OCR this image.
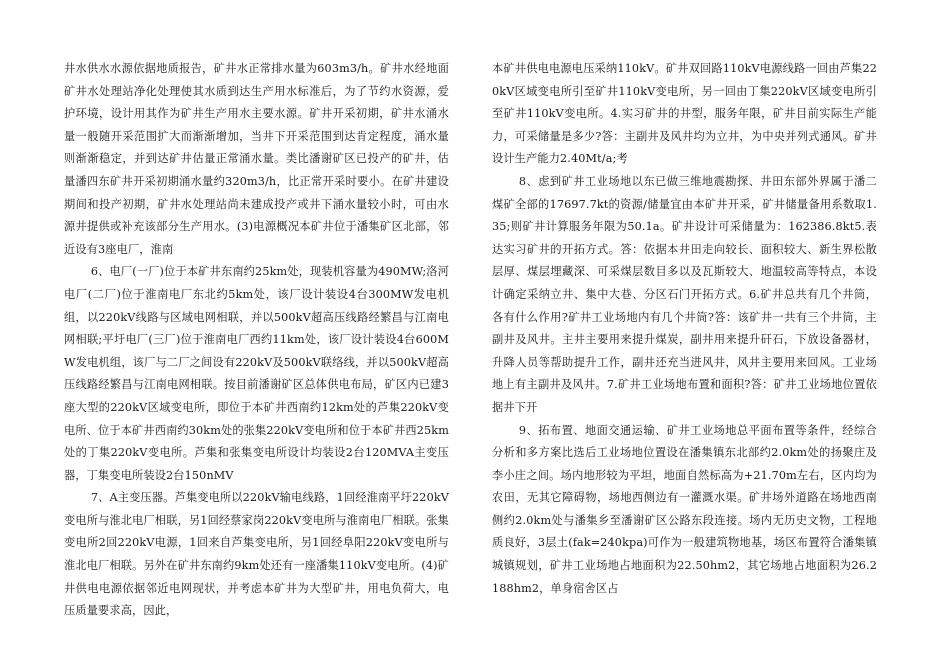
井水供水水源依据地质报告，矿井水正常排水量为603m3/h。矿井水经地面矿井水处理站净化处理使其水质到达生产用水标准后，为了节约水资源，爱护环境，设计用其作为矿井生产用水主要水源。矿井开采初期，矿井水涌水量一般随开采范围扩大而渐渐增加，当井下开采范围到达肯定程度，涌水量则渐渐稳定，并到达矿井估量正常涌水量。类比潘谢矿区已投产的矿井，估量潘四东矿井开采初期涌水量约320m3/h，比正常开采时要小。在矿井建设期间和投产初期，矿井水处理站尚未建成投产或井下涌水量较小时，可由水源井提供或补充该部分生产用水。(3)电源概况本矿井位于潘集矿区北部，邻近设有3座电厂，淮南

6、电厂(一厂)位于本矿井东南约25km处，现装机容量为490MW;洛河电厂(二厂)位于淮南电厂东北约5km处，该厂设计装设4台300MW发电机组，以220kV线路与区域电网相联，并以500kV超高压线路经繁昌与江南电网相联;平圩电厂(三厂)位于淮南电厂西约11km处，该厂设计装设4台600MW发电机组，该厂与二厂之间设有220kV及500kV联络线，并以500kV超高压线路经繁昌与江南电网相联。按目前潘谢矿区总体供电布局，矿区内已建3座大型的220kV区域变电所，即位于本矿井西南约12km处的芦集220kV变电所、位于本矿井西南约30km处的张集220kV变电所和位于本矿井西25km处的丁集220kV变电所。芦集和张集变电所设计均装设2台120MVA主变压器，丁集变电所装设2台150nMV

7、A主变压器。芦集变电所以220kV输电线路，1回经淮南平圩220kV变电所与淮北电厂相联，另1回经蔡家岗220kV变电所与淮南电厂相联。张集变电所2回220kV电源，1回来自芦集变电所，另1回经阜阳220kV变电所与淮北电厂相联。另外在矿井东南约9km处还有一座潘集110kV变电所。(4)矿井供电电源依据邻近电网现状，并考虑本矿井为大型矿井，用电负荷大，电压质量要求高，因此，

本矿井供电电源电压采纳110kV。矿井双回路110kV电源线路一回由芦集220kV区域变电所引至矿井110kV变电所，另一回由丁集220kV区域变电所引至矿井110kV变电所。4.实习矿井的井型，服务年限，矿井目前实际生产能力，可采储量是多少?答：主副井及风井均为立井，为中央并列式通风。矿井设计生产能力2.40Mt/a;考

8、虑到矿井工业场地以东已做三维地震勘探、井田东部外界属于潘二煤矿全部的17697.7kt的资源/储量宜由本矿井开采，矿井储量备用系数取1.35;则矿井计算服务年限为50.1a。矿井设计可采储量为：162386.8kt5.表达实习矿井的开拓方式。答：依据本井田走向较长、面积较大、新生界松散层厚、煤层埋藏深、可采煤层数目多以及瓦斯较大、地温较高等特点，本设计确定采纳立井、集中大巷、分区石门开拓方式。6.矿井总共有几个井筒，各有什么作用?矿井工业场地内有几个井筒?答：该矿井一共有三个井筒，主副井及风井。主井主要用来提升煤炭，副井用来提升矸石，下放设备器材，升降人员等帮助提升工作，副井还充当进风井，风井主要用来回风。工业场地上有主副井及风井。7.矿井工业场地布置和面积?答：矿井工业场地位置依据井下开

9、拓布置、地面交通运输、矿井工业场地总平面布置等条件，经综合分析和多方案比选后工业场地位置设在潘集镇东北部约2.0km处的扬聚庄及李小庄之间。场内地形较为平坦，地面自然标高为+21.70m左右，区内均为农田，无其它障碍物，场地西侧边有一灌溉水渠。矿井场外道路在场地西南侧约2.0km处与潘集乡至潘谢矿区公路东段连接。场内无历史文物，工程地质良好，3层土(fak=240kpa)可作为一般建筑物地基，场区布置符合潘集镇城镇规划，矿井工业场地占地面积为22.50hm2，其它场地占地面积为26.2188hm2，单身宿舍区占
